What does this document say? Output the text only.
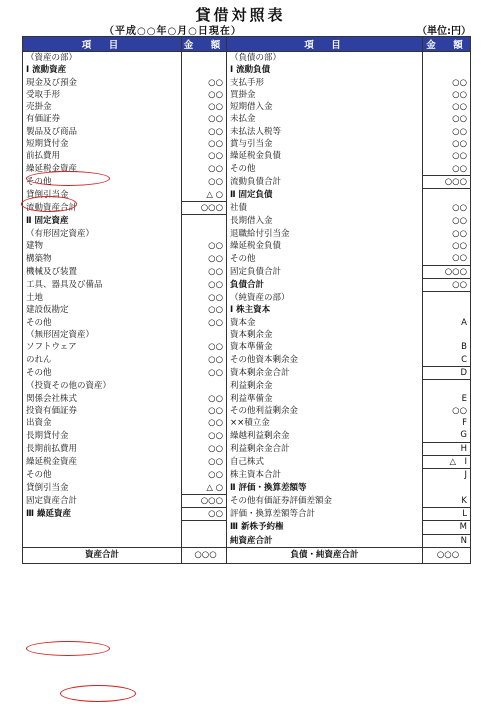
貸借対照表
（平成○○年○月○日現在）	（単位:円）
項　目	金　額	項　目	金　額
（資産の部）		（負債の部）	
Ⅰ 流動資産		Ⅰ 流動負債	
現金及び預金	○○	支払手形	○○
受取手形	○○	買掛金	○○
売掛金	○○	短期借入金	○○
有価証券	○○	未払金	○○
製品及び商品	○○	未払法人税等	○○
短期貸付金	○○	賞与引当金	○○
前払費用	○○	繰延税金負債	○○
繰延税金資産	○○	その他	○○
その他	○○	流動負債合計	○○○
貸倒引当金	△ ○	Ⅱ 固定負債	
流動資産合計	○○○	社債	○○
Ⅱ 固定資産		長期借入金	○○
（有形固定資産）		退職給付引当金	○○
建物	○○	繰延税金負債	○○
構築物	○○	その他	○○
機械及び装置	○○	固定負債合計	○○○
工具、器具及び備品	○○	負債合計	○○
土地	○○	（純資産の部）	
建設仮勘定	○○	Ⅰ 株主資本	
その他	○○	資本金	A
（無形固定資産）		資本剰余金	
ソフトウェア	○○	資本準備金	B
のれん	○○	その他資本剰余金	C
その他	○○	資本剰余金合計	D
（投資その他の資産）		利益剰余金	
関係会社株式	○○	利益準備金	E
投資有価証券	○○	その他利益剰余金	○○
出資金	○○	××積立金	F
長期貸付金	○○	繰越利益剰余金	G
長期前払費用	○○	利益剰余金合計	H
繰延税金資産	○○	自己株式	△　I
その他	○○	株主資本合計	J
貸倒引当金	△ ○	Ⅱ 評価・換算差額等	
固定資産合計	○○○	その他有価証券評価差額金	K
Ⅲ 繰延資産	○○	評価・換算差額等合計	L
		Ⅲ 新株予約権	M
		純資産合計	N
資産合計	○○○	負債・純資産合計	○○○
